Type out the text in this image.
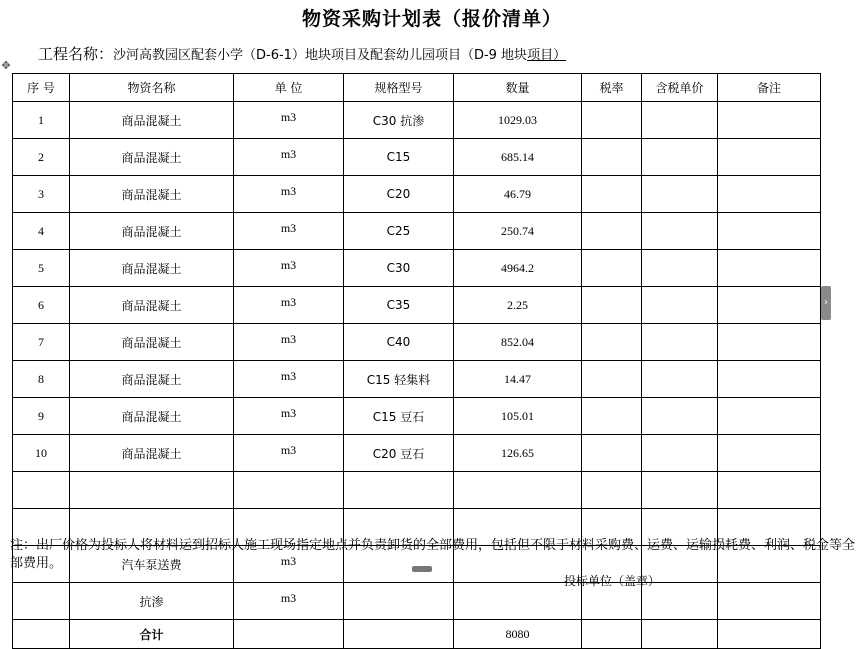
物资采购计划表（报价清单）
工程名称：沙河高教园区配套小学（D-6-1）地块项目及配套幼儿园项目（D-9 地块项目）
✥
序 号	物资名称	单 位	规格型号	数量	税率	含税单价	备注
1	商品混凝土	m3	C30 抗渗	1029.03			
2	商品混凝土	m3	C15	685.14			
3	商品混凝土	m3	C20	46.79			
4	商品混凝土	m3	C25	250.74			
5	商品混凝土	m3	C30	4964.2			
6	商品混凝土	m3	C35	2.25			
7	商品混凝土	m3	C40	852.04			
8	商品混凝土	m3	C15 轻集料	14.47			
9	商品混凝土	m3	C15 豆石	105.01			
10	商品混凝土	m3	C20 豆石	126.65			

	汽车泵送费	m3					
	抗渗	m3					
	合计			8080			
›
注：出厂价格为投标人将材料运到招标人施工现场指定地点并负责卸货的全部费用，包括但不限于材料采购费、运费、运输损耗费、利润、税金等全部费用。
投标单位（盖章）
